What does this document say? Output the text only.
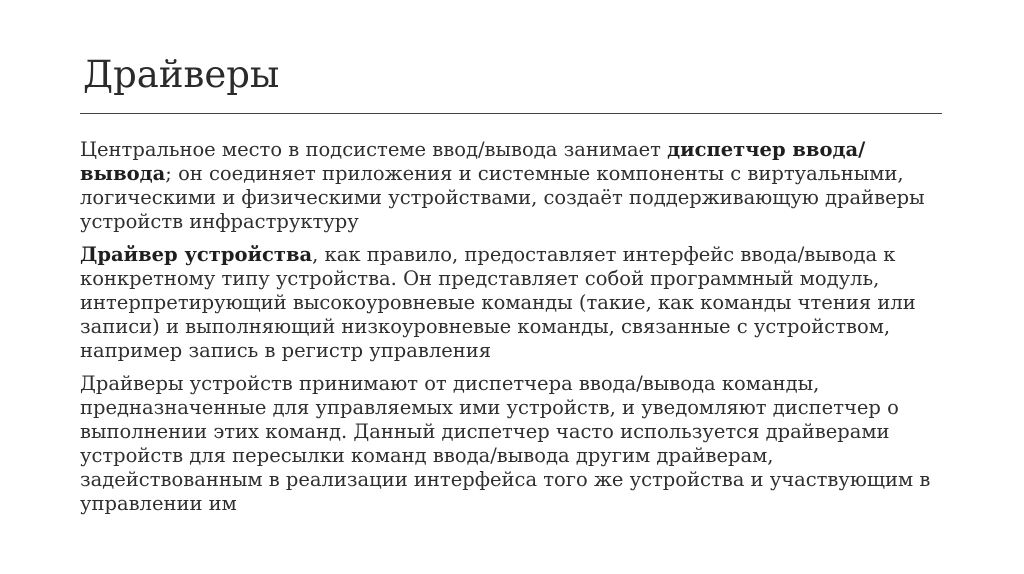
Драйверы

Центральное место в подсистеме ввод/вывода занимает диспетчер ввода/вывода; он соединяет приложения и системные компоненты с виртуальными, логическими и физическими устройствами, создаёт поддерживающую драйверы устройств инфраструктуру

Драйвер устройства, как правило, предоставляет интерфейс ввода/вывода к конкретному типу устройства. Он представляет собой программный модуль, интерпретирующий высокоуровневые команды (такие, как команды чтения или записи) и выполняющий низкоуровневые команды, связанные с устройством, например запись в регистр управления

Драйверы устройств принимают от диспетчера ввода/вывода команды, предназначенные для управляемых ими устройств, и уведомляют диспетчер о выполнении этих команд. Данный диспетчер часто используется драйверами устройств для пересылки команд ввода/вывода другим драйверам, задействованным в реализации интерфейса того же устройства и участвующим в управлении им
